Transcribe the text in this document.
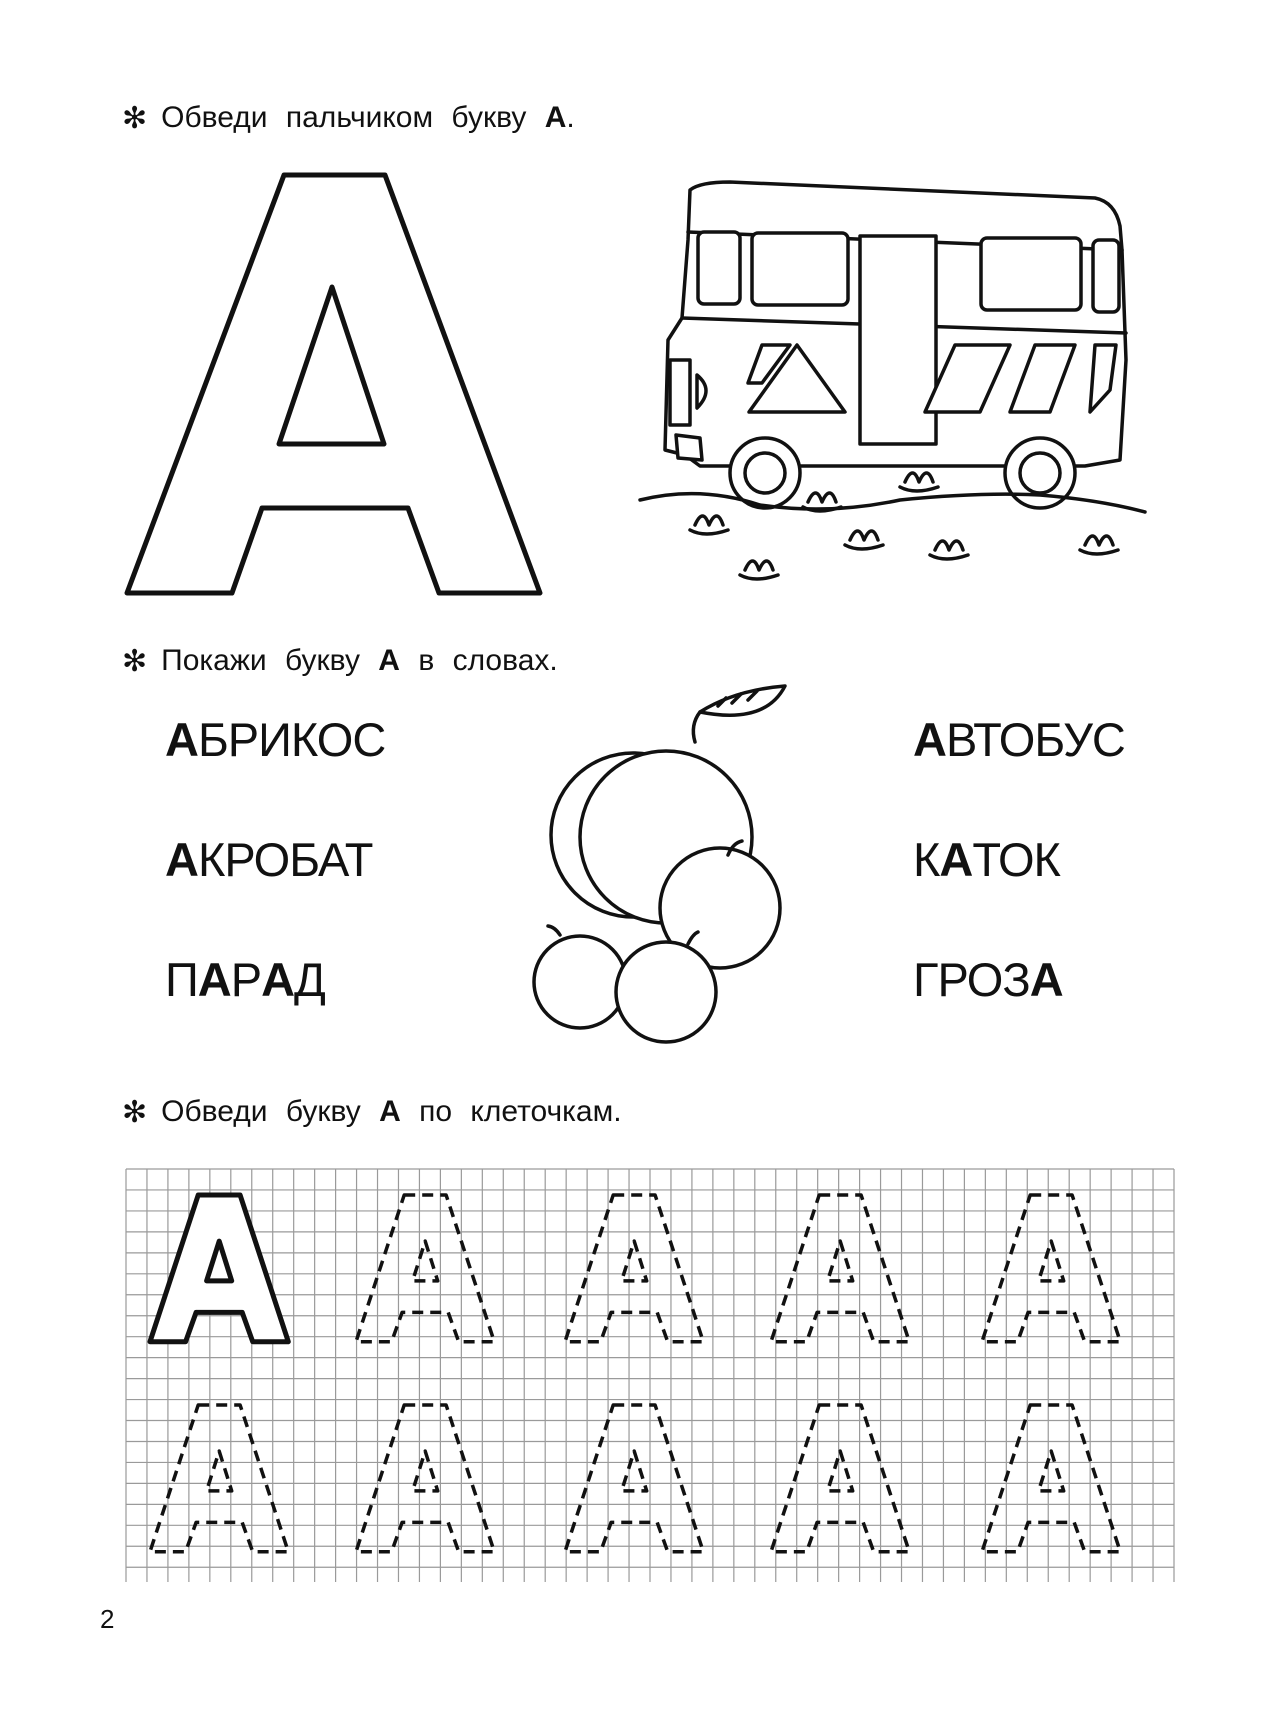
✻ Обведи пальчиком букву А.
✻ Покажи букву А в словах.
✻ Обведи букву А по клеточкам.
АБРИКОС
АКРОБАТ
ПАРАД
АВТОБУС
КАТОК
ГРОЗА
2
